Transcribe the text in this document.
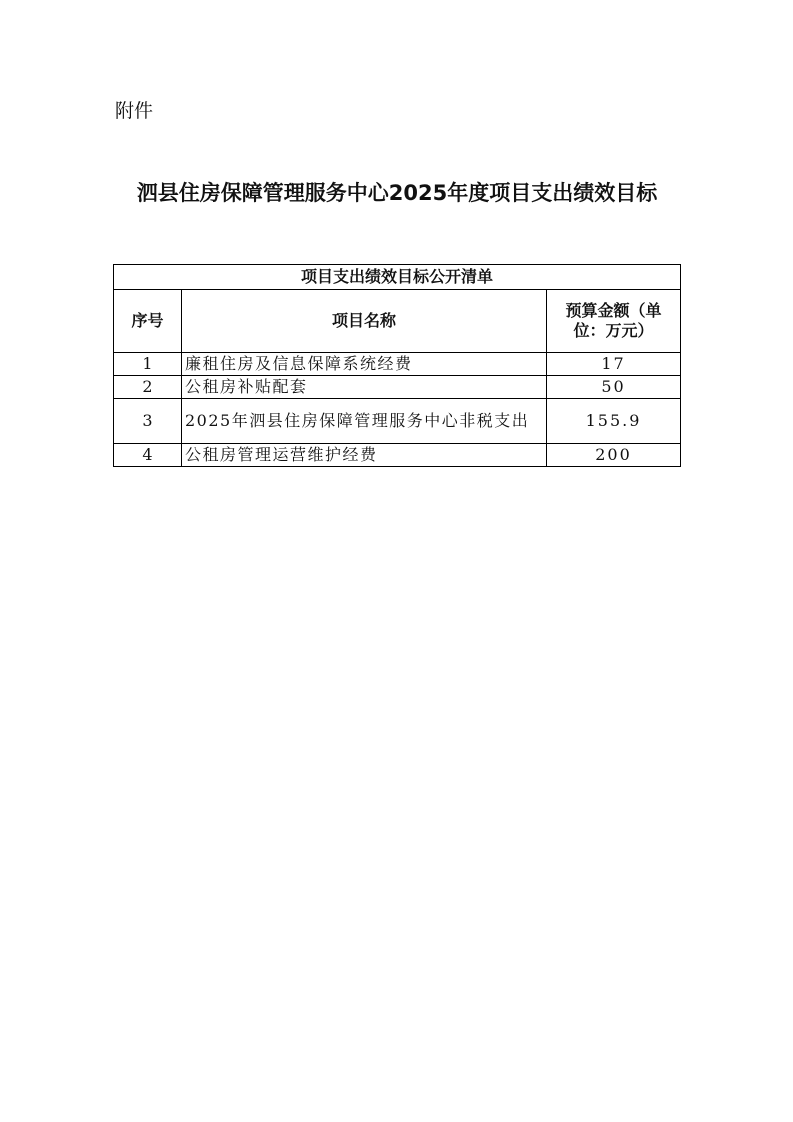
附件
泗县住房保障管理服务中心2025年度项目支出绩效目标
项目支出绩效目标公开清单		
序号	项目名称	预算金额（单位：万元）
1	廉租住房及信息保障系统经费	17
2	公租房补贴配套	50
3	2025年泗县住房保障管理服务中心非税支出	155.9
4	公租房管理运营维护经费	200
